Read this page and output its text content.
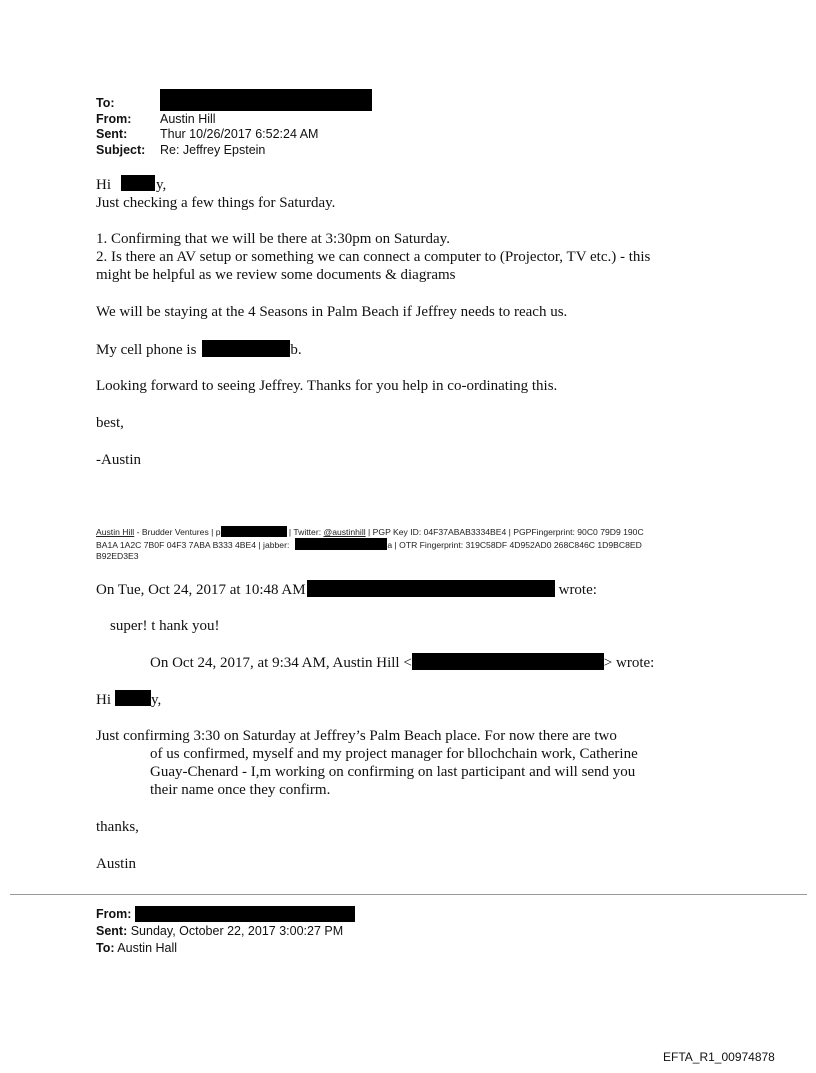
To:
From: Austin Hill
Sent:	Thur 10/26/2017 6:52:24 AM
Subject: Re: Jeffrey Epstein
Hi	y,
Just checking a few things for Saturday.
1. Confirming that we will be there at 3:30pm on Saturday.
2. Is there an AV setup or something we can connect a computer to (Projector, TV etc.) - this
might be helpful as we review some documents & diagrams
We will be staying at the 4 Seasons in Palm Beach if Jeffrey needs to reach us.
My cell phone is	b.
Looking forward to seeing Jeffrey. Thanks for you help in co-ordinating this.
best,
-Austin
Austin Hill - Brudder Ventures | p	| Twitter: @austinhill | PGP Key ID: 04F37ABAB3334BE4 | PGPFingerprint: 90C0 79D9 190C
BA1A 1A2C 7B0F 04F3 7ABA B333 4BE4 | jabber:	a | OTR Fingerprint: 319C58DF 4D952AD0 268C846C 1D9BC8ED
B92ED3E3
On Tue, Oct 24, 2017 at 10:48 AM	wrote:
super! t hank you!
On Oct 24, 2017, at 9:34 AM, Austin Hill <	> wrote:
Hi	y,
Just confirming 3:30 on Saturday at Jeffrey’s Palm Beach place. For now there are two
of us confirmed, myself and my project manager for bllochchain work, Catherine
Guay-Chenard - I,m working on confirming on last participant and will send you
their name once they confirm.
thanks,
Austin
From:
Sent: Sunday, October 22, 2017 3:00:27 PM
To: Austin Hall
EFTA_R1_00974878
